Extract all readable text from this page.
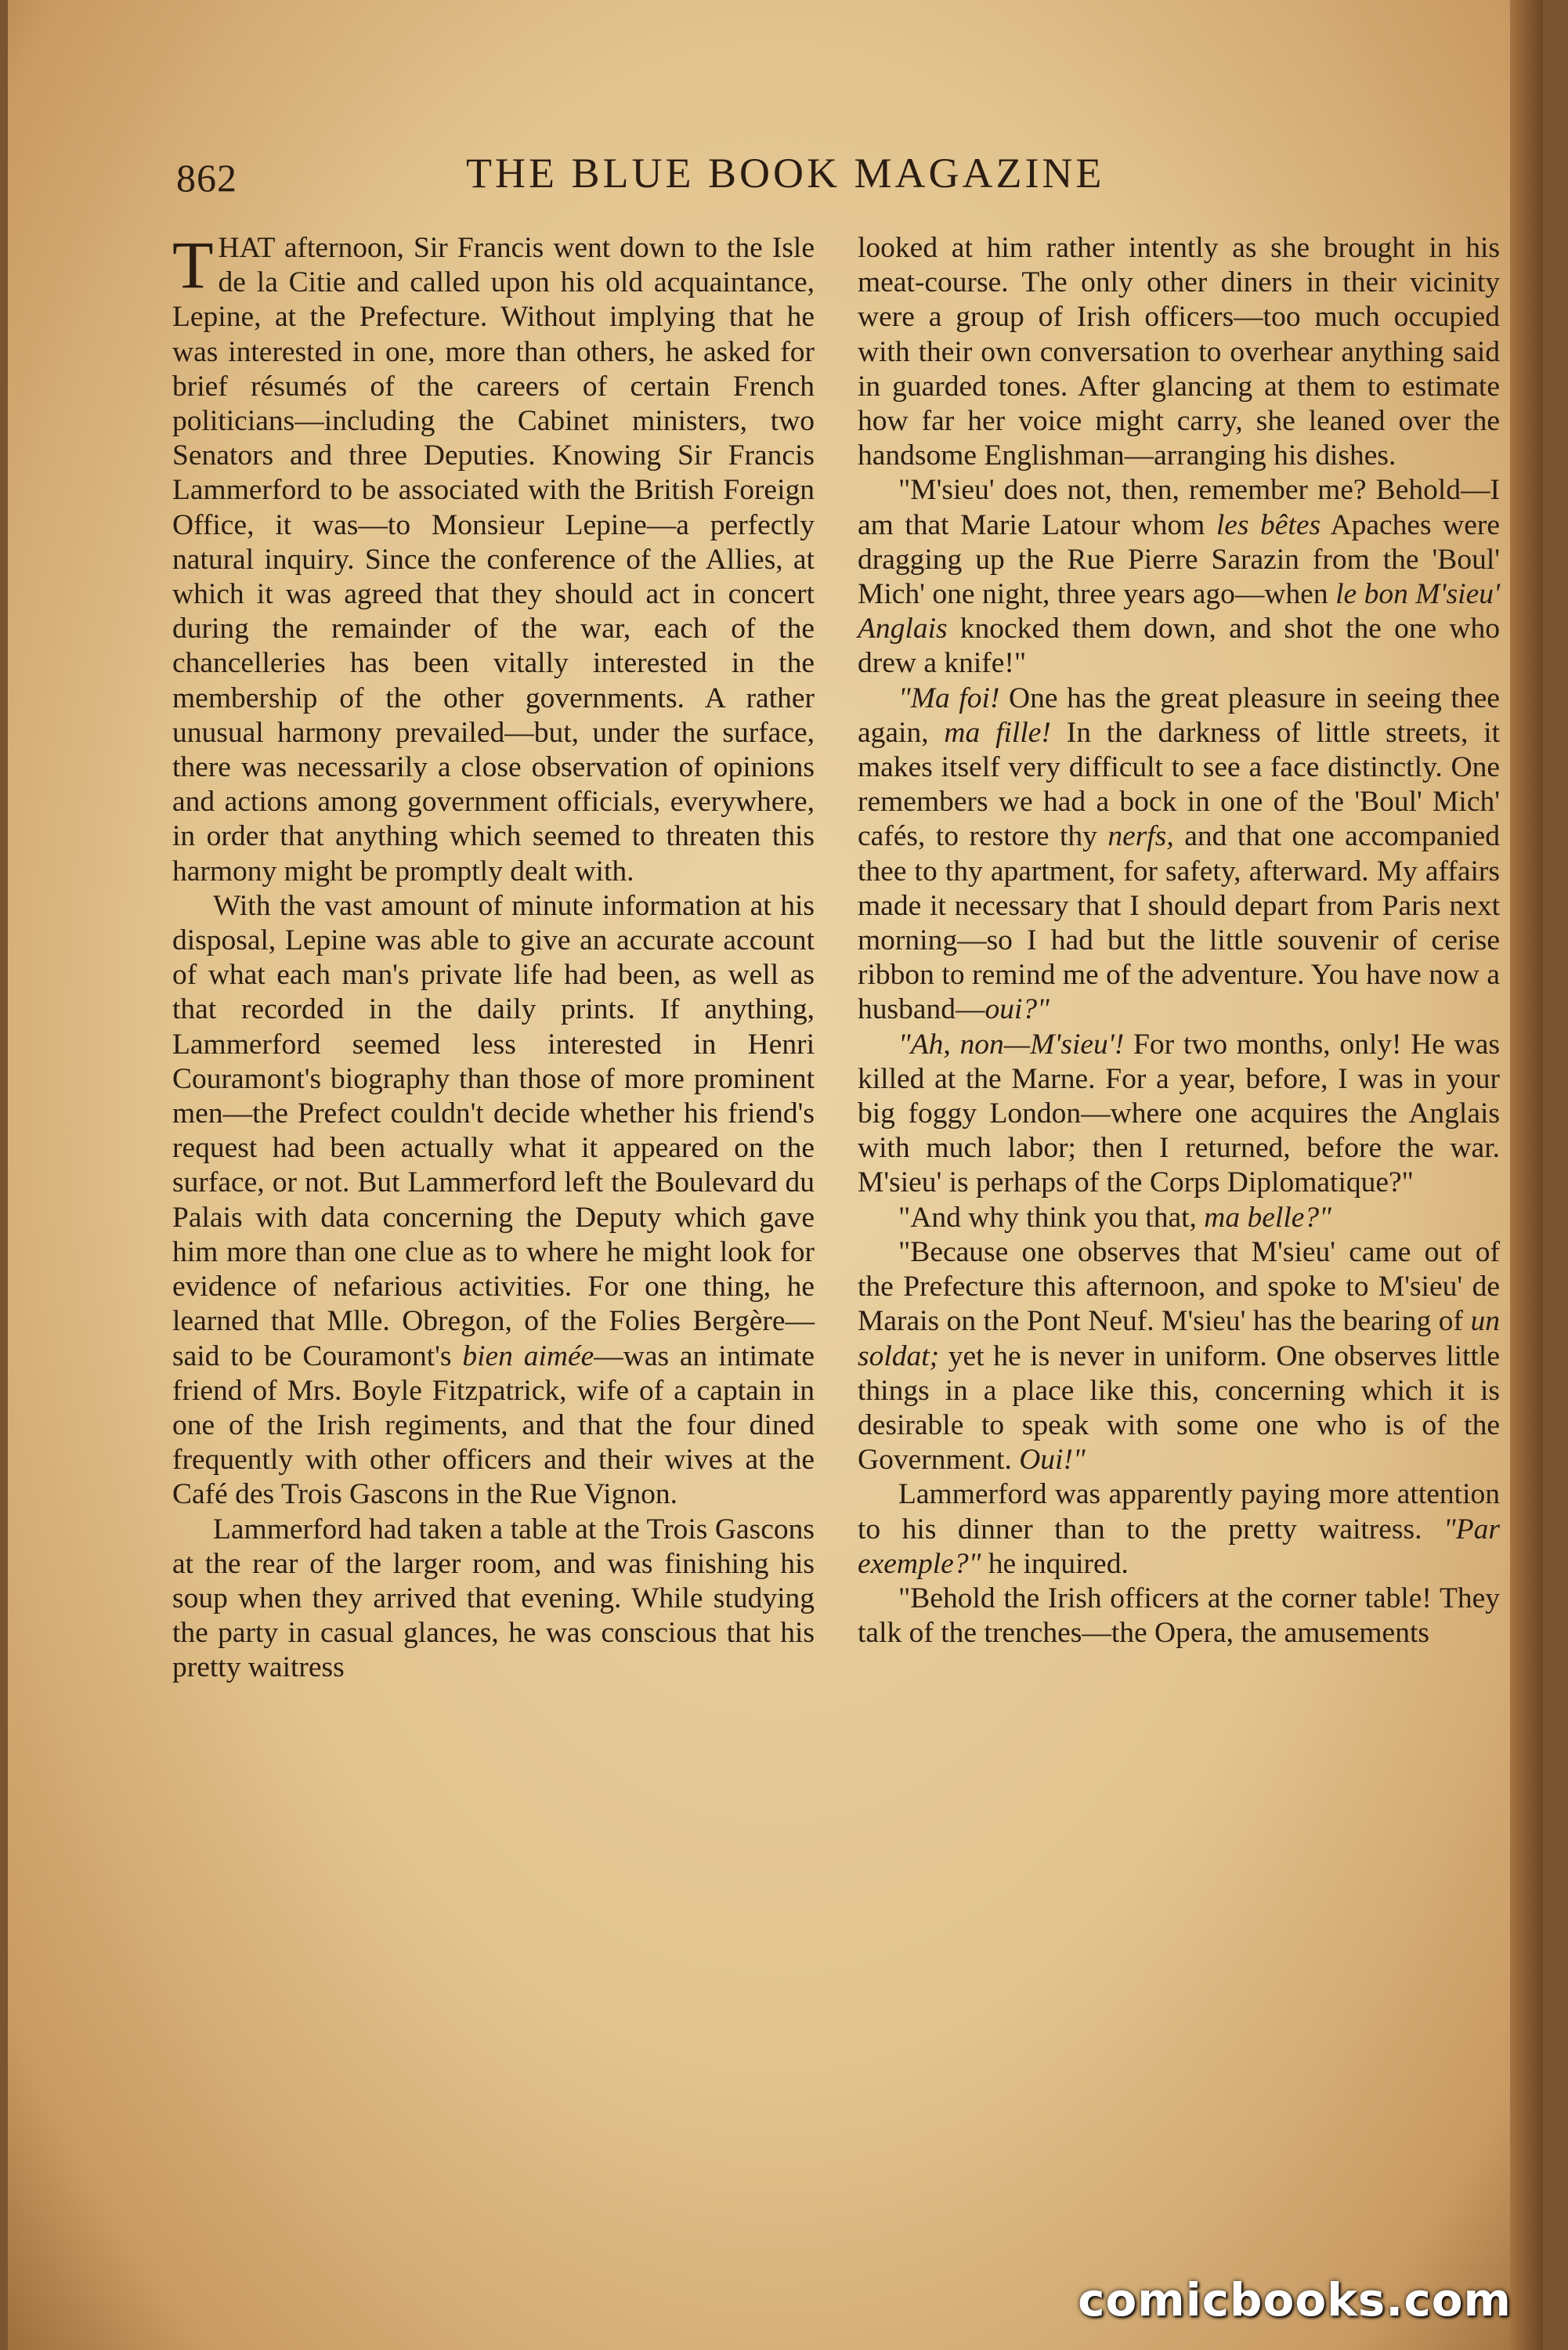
862	THE BLUE BOOK MAGAZINE

THAT afternoon, Sir Francis went down to the Isle de la Citie and called upon his old acquaintance, Lepine, at the Prefecture. Without implying that he was interested in one, more than others, he asked for brief résumés of the careers of certain French politicians—including the Cabinet ministers, two Senators and three Deputies. Knowing Sir Francis Lammerford to be associated with the British Foreign Office, it was—to Monsieur Lepine—a perfectly natural inquiry. Since the conference of the Allies, at which it was agreed that they should act in concert during the remainder of the war, each of the chancelleries has been vitally interested in the membership of the other governments. A rather unusual harmony prevailed—but, under the surface, there was necessarily a close observation of opinions and actions among government officials, everywhere, in order that anything which seemed to threaten this harmony might be promptly dealt with.

With the vast amount of minute information at his disposal, Lepine was able to give an accurate account of what each man's private life had been, as well as that recorded in the daily prints. If anything, Lammerford seemed less interested in Henri Couramont's biography than those of more prominent men—the Prefect couldn't decide whether his friend's request had been actually what it appeared on the surface, or not. But Lammerford left the Boulevard du Palais with data concerning the Deputy which gave him more than one clue as to where he might look for evidence of nefarious activities. For one thing, he learned that Mlle. Obregon, of the Folies Bergère—said to be Couramont's bien aimée—was an intimate friend of Mrs. Boyle Fitzpatrick, wife of a captain in one of the Irish regiments, and that the four dined frequently with other officers and their wives at the Café des Trois Gascons in the Rue Vignon.

Lammerford had taken a table at the Trois Gascons at the rear of the larger room, and was finishing his soup when they arrived that evening. While studying the party in casual glances, he was conscious that his pretty waitress

looked at him rather intently as she brought in his meat-course. The only other diners in their vicinity were a group of Irish officers—too much occupied with their own conversation to overhear anything said in guarded tones. After glancing at them to estimate how far her voice might carry, she leaned over the handsome Englishman—arranging his dishes.

"M'sieu' does not, then, remember me? Behold—I am that Marie Latour whom les bêtes Apaches were dragging up the Rue Pierre Sarazin from the 'Boul' Mich' one night, three years ago—when le bon M'sieu' Anglais knocked them down, and shot the one who drew a knife!"

"Ma foi! One has the great pleasure in seeing thee again, ma fille! In the darkness of little streets, it makes itself very difficult to see a face distinctly. One remembers we had a bock in one of the 'Boul' Mich' cafés, to restore thy nerfs, and that one accompanied thee to thy apartment, for safety, afterward. My affairs made it necessary that I should depart from Paris next morning—so I had but the little souvenir of cerise ribbon to remind me of the adventure. You have now a husband—oui?"

"Ah, non—M'sieu'! For two months, only! He was killed at the Marne. For a year, before, I was in your big foggy London—where one acquires the Anglais with much labor; then I returned, before the war. M'sieu' is perhaps of the Corps Diplomatique?"

"And why think you that, ma belle?"

"Because one observes that M'sieu' came out of the Prefecture this afternoon, and spoke to M'sieu' de Marais on the Pont Neuf. M'sieu' has the bearing of un soldat; yet he is never in uniform. One observes little things in a place like this, concerning which it is desirable to speak with some one who is of the Government. Oui!"

Lammerford was apparently paying more attention to his dinner than to the pretty waitress. "Par exemple?" he inquired.

"Behold the Irish officers at the corner table! They talk of the trenches—the Opera, the amusements

comicbooks.com
